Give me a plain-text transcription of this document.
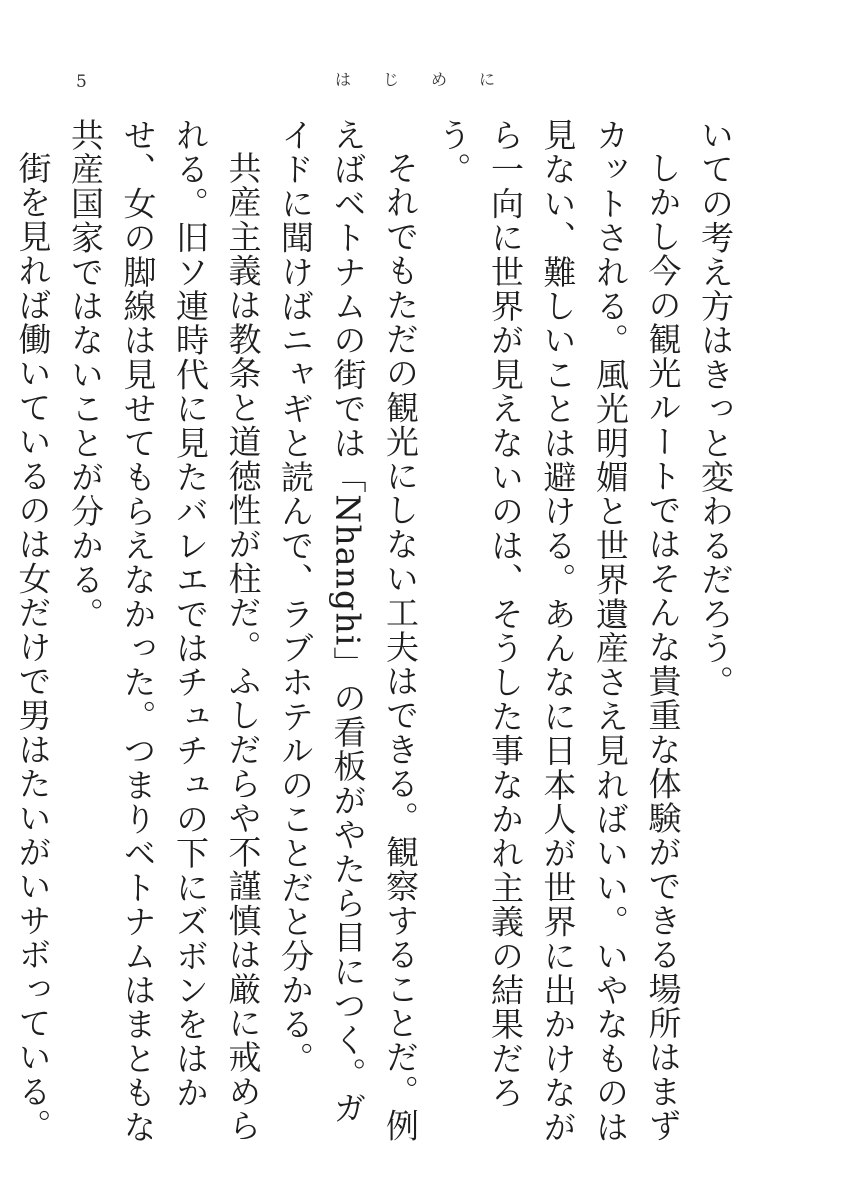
5	はじめに

いての考え方はきっと変わるだろう。

しかし今の観光ルートではそんな貴重な体験ができる場所はまずカットされる。風光明媚と世界遺産さえ見ればいい。いやなものは見ない、難しいことは避ける。あんなに日本人が世界に出かけながら一向に世界が見えないのは、そうした事なかれ主義の結果だろう。

それでもただの観光にしない工夫はできる。観察することだ。例えばベトナムの街では「Nhanghi」の看板がやたら目につく。ガイドに聞けばニャギと読んで、ラブホテルのことだと分かる。

共産主義は教条と道徳性が柱だ。ふしだらや不謹慎は厳に戒められる。旧ソ連時代に見たバレエではチュチュの下にズボンをはかせ、女の脚線は見せてもらえなかった。つまりベトナムはまともな共産国家ではないことが分かる。

街を見れば働いているのは女だけで男はたいがいサボっている。
